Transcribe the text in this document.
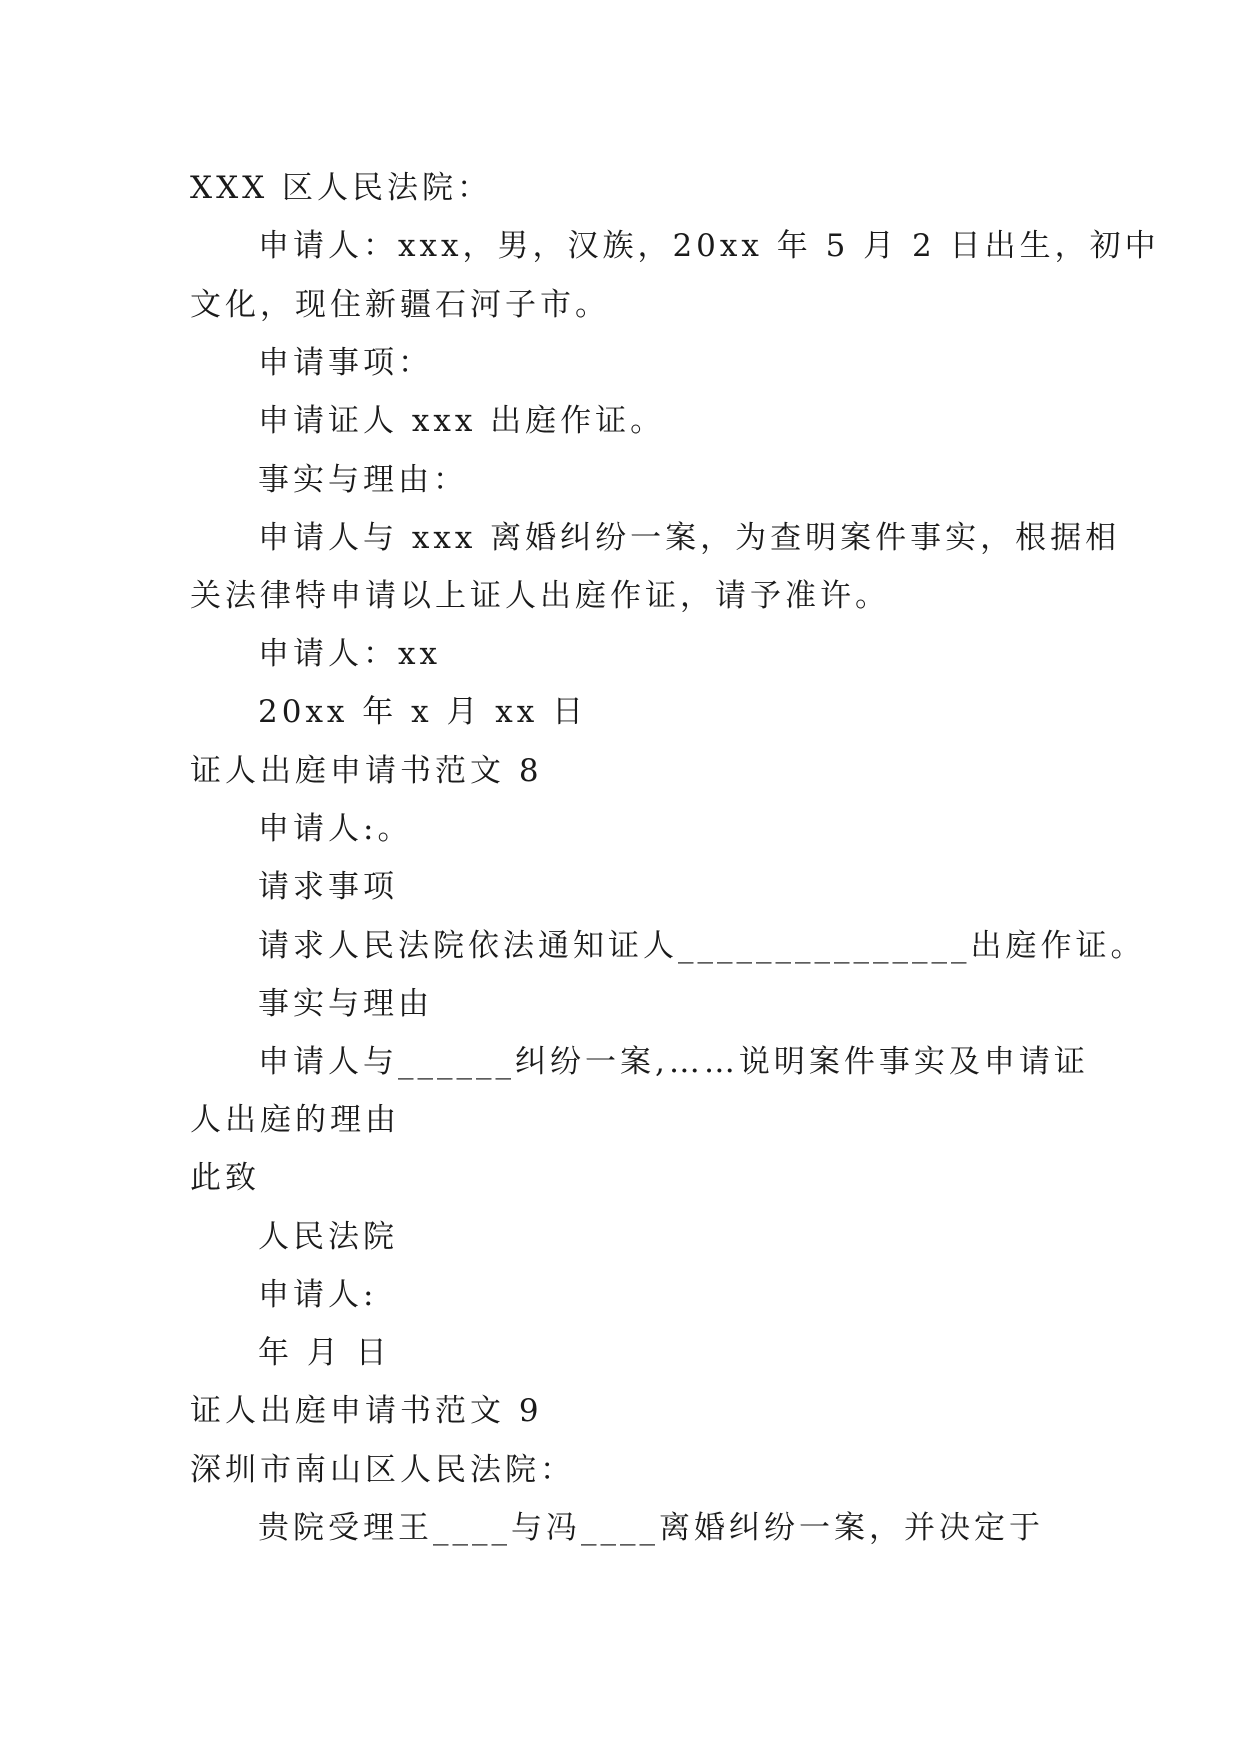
XXX 区人民法院：
申请人：xxx，男，汉族，20xx 年 5 月 2 日出生，初中
文化，现住新疆石河子市。
申请事项：
申请证人 xxx 出庭作证。
事实与理由：
申请人与 xxx 离婚纠纷一案，为查明案件事实，根据相
关法律特申请以上证人出庭作证，请予准许。
申请人：xx
20xx 年 x 月 xx 日
证人出庭申请书范文 8
申请人:。
请求事项
请求人民法院依法通知证人_______________出庭作证。
事实与理由
申请人与______纠纷一案,……说明案件事实及申请证
人出庭的理由
此致
人民法院
申请人:
年 月 日
证人出庭申请书范文 9
深圳市南山区人民法院：
贵院受理王____与冯____离婚纠纷一案，并决定于
